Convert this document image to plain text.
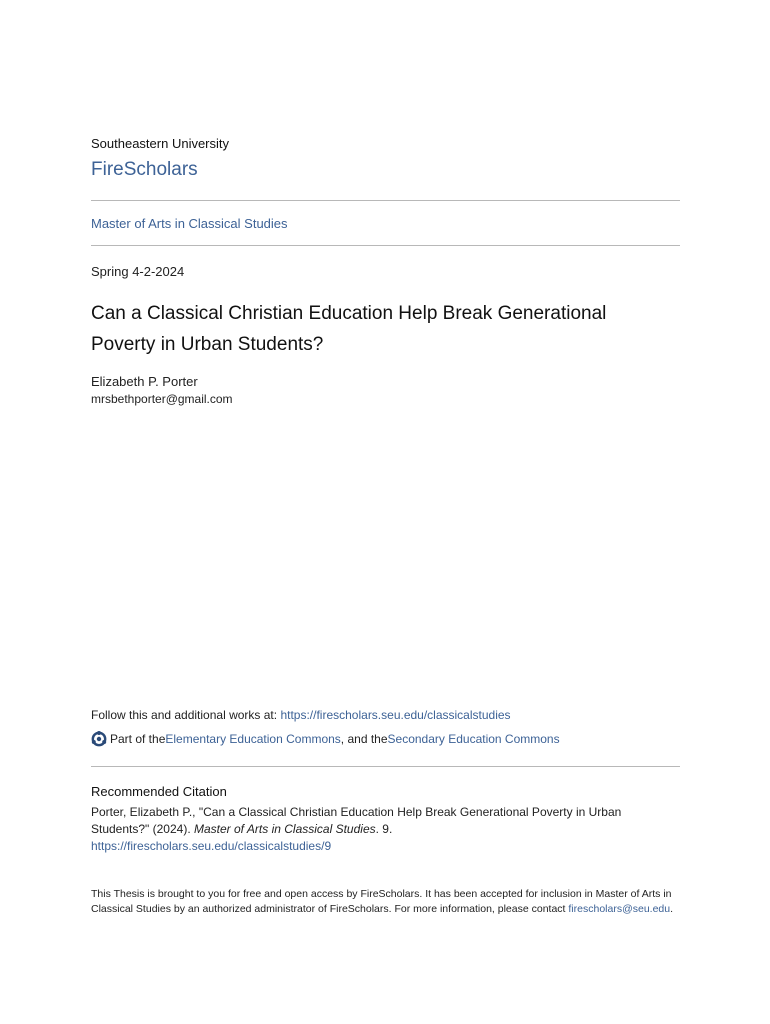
Southeastern University
FireScholars
Master of Arts in Classical Studies
Spring 4-2-2024
Can a Classical Christian Education Help Break Generational Poverty in Urban Students?
Elizabeth P. Porter
mrsbethporter@gmail.com
Follow this and additional works at: https://firescholars.seu.edu/classicalstudies
Part of the Elementary Education Commons , and the Secondary Education Commons
Recommended Citation
Porter, Elizabeth P., "Can a Classical Christian Education Help Break Generational Poverty in Urban Students?" (2024). Master of Arts in Classical Studies. 9.
https://firescholars.seu.edu/classicalstudies/9
This Thesis is brought to you for free and open access by FireScholars. It has been accepted for inclusion in Master of Arts in Classical Studies by an authorized administrator of FireScholars. For more information, please contact firescholars@seu.edu.
